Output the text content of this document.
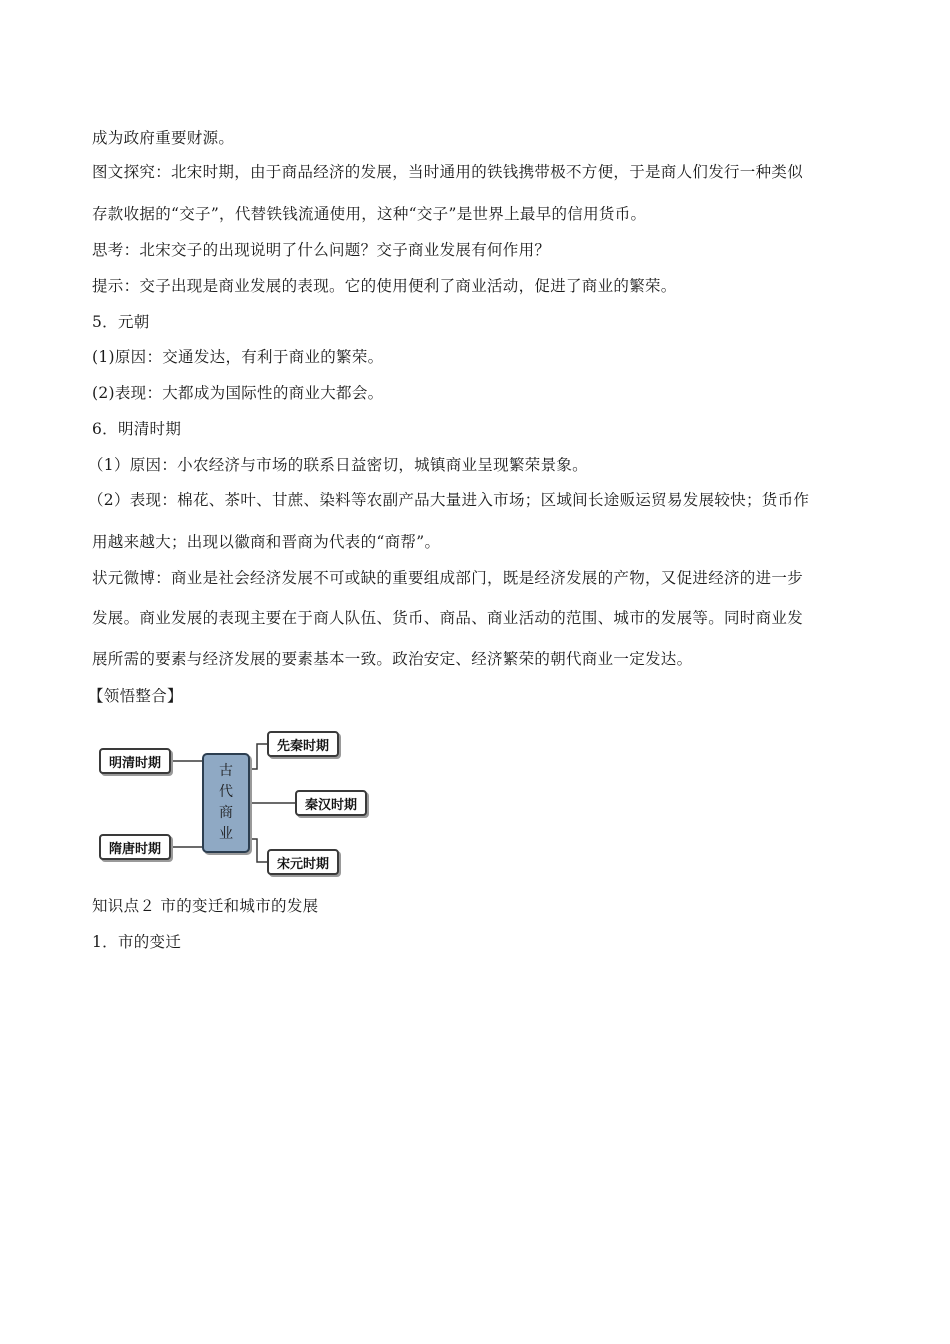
成为政府重要财源。
图文探究：北宋时期，由于商品经济的发展，当时通用的铁钱携带极不方便，于是商人们发行一种类似
存款收据的“交子”，代替铁钱流通使用，这种“交子”是世界上最早的信用货币。
思考：北宋交子的出现说明了什么问题？交子商业发展有何作用？
提示：交子出现是商业发展的表现。它的使用便利了商业活动，促进了商业的繁荣。
5．元朝
(1)原因：交通发达，有利于商业的繁荣。
(2)表现：大都成为国际性的商业大都会。
6．明清时期
（1）原因：小农经济与市场的联系日益密切，城镇商业呈现繁荣景象。
（2）表现：棉花、茶叶、甘蔗、染料等农副产品大量进入市场；区域间长途贩运贸易发展较快；货币作
用越来越大；出现以徽商和晋商为代表的“商帮”。
状元微博：商业是社会经济发展不可或缺的重要组成部门，既是经济发展的产物，又促进经济的进一步
发展。商业发展的表现主要在于商人队伍、货币、商品、商业活动的范围、城市的发展等。同时商业发
展所需的要素与经济发展的要素基本一致。政治安定、经济繁荣的朝代商业一定发达。
【领悟整合】
明清时期
隋唐时期
古
代
商
业
先秦时期
秦汉时期
宋元时期
知识点２ 市的变迁和城市的发展
1．市的变迁
